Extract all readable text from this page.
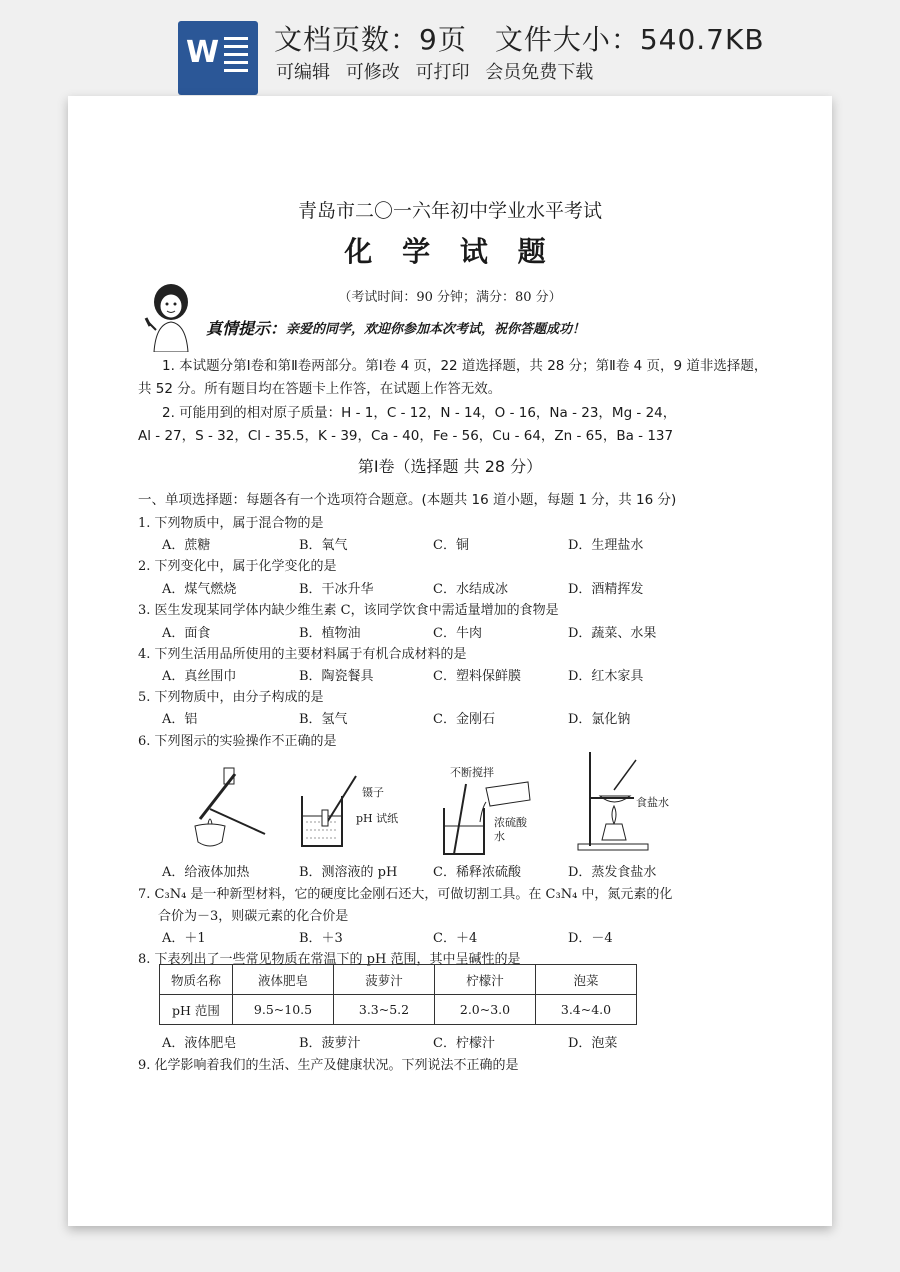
W 文档页数：9页 文件大小：540.7KB
可编辑 可修改 可打印 会员免费下载
青岛市二〇一六年初中学业水平考试
化 学 试 题
（考试时间：90 分钟；满分：80 分）
真情提示： 亲爱的同学，欢迎你参加本次考试，祝你答题成功！
1. 本试题分第Ⅰ卷和第Ⅱ卷两部分。第Ⅰ卷 4 页，22 道选择题，共 28 分；第Ⅱ卷 4 页，9 道非选择题，
共 52 分。所有题目均在答题卡上作答，在试题上作答无效。
2. 可能用到的相对原子质量：H - 1，C - 12，N - 14，O - 16，Na - 23，Mg - 24，
Al - 27，S - 32，Cl - 35.5，K - 39，Ca - 40，Fe - 56，Cu - 64，Zn - 65，Ba - 137
第Ⅰ卷（选择题 共 28 分）
一、单项选择题：每题各有一个选项符合题意。(本题共 16 道小题，每题 1 分，共 16 分)
1. 下列物质中，属于混合物的是
A．蔗糖	B．氧气	C．铜	D．生理盐水
2. 下列变化中，属于化学变化的是
A．煤气燃烧	B．干冰升华	C．水结成冰	D．酒精挥发
3. 医生发现某同学体内缺少维生素 C，该同学饮食中需适量增加的食物是
A．面食	B．植物油	C．牛肉	D．蔬菜、水果
4. 下列生活用品所使用的主要材料属于有机合成材料的是
A．真丝围巾	B．陶瓷餐具	C．塑料保鲜膜	D．红木家具
5. 下列物质中，由分子构成的是
A．铝	B．氢气	C．金刚石	D．氯化钠
6. 下列图示的实验操作不正确的是
镊子
pH 试纸
不断搅拌
浓硫酸
水
食盐水
A．给液体加热	B．测溶液的 pH	C．稀释浓硫酸	D．蒸发食盐水
7. C₃N₄ 是一种新型材料，它的硬度比金刚石还大，可做切割工具。在 C₃N₄ 中，氮元素的化
合价为－3，则碳元素的化合价是
A．＋1	B．＋3	C．＋4	D．－4
8. 下表列出了一些常见物质在常温下的 pH 范围，其中呈碱性的是
物质名称	液体肥皂	菠萝汁	柠檬汁	泡菜
pH 范围	9.5~10.5	3.3~5.2	2.0~3.0	3.4~4.0
A．液体肥皂	B．菠萝汁	C．柠檬汁	D．泡菜
9. 化学影响着我们的生活、生产及健康状况。下列说法不正确的是
